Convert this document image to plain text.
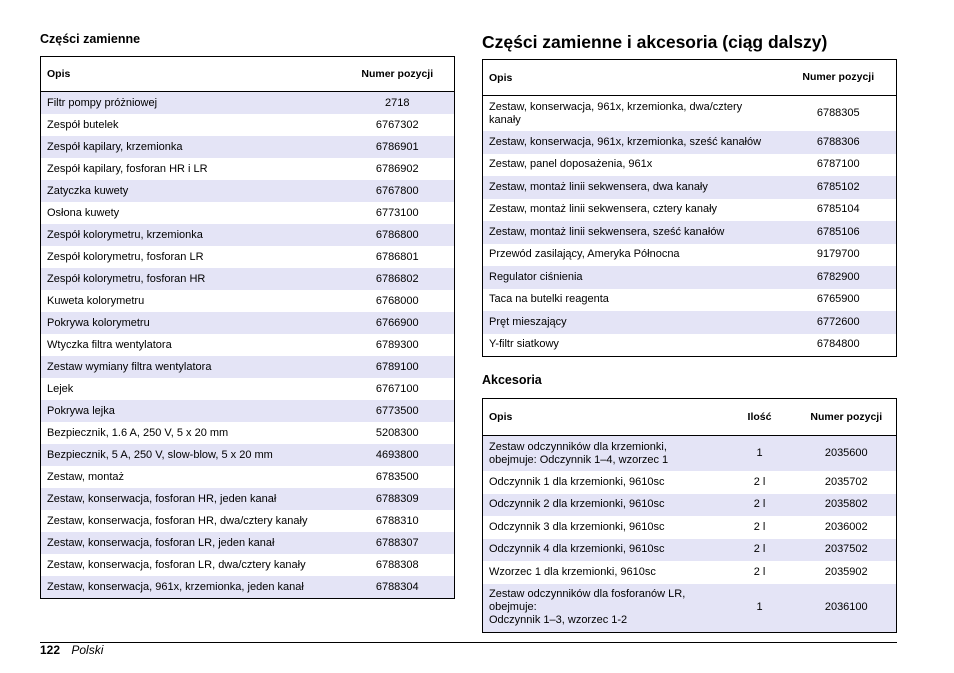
Części zamienne
Opis	Numer pozycji
Filtr pompy próżniowej	2718
Zespół butelek	6767302
Zespół kapilary, krzemionka	6786901
Zespół kapilary, fosforan HR i LR	6786902
Zatyczka kuwety	6767800
Osłona kuwety	6773100
Zespół kolorymetru, krzemionka	6786800
Zespół kolorymetru, fosforan LR	6786801
Zespół kolorymetru, fosforan HR	6786802
Kuweta kolorymetru	6768000
Pokrywa kolorymetru	6766900
Wtyczka filtra wentylatora	6789300
Zestaw wymiany filtra wentylatora	6789100
Lejek	6767100
Pokrywa lejka	6773500
Bezpiecznik, 1.6 A, 250 V, 5 x 20 mm	5208300
Bezpiecznik, 5 A, 250 V, slow-blow, 5 x 20 mm	4693800
Zestaw, montaż	6783500
Zestaw, konserwacja, fosforan HR, jeden kanał	6788309
Zestaw, konserwacja, fosforan HR, dwa/cztery kanały	6788310
Zestaw, konserwacja, fosforan LR, jeden kanał	6788307
Zestaw, konserwacja, fosforan LR, dwa/cztery kanały	6788308
Zestaw, konserwacja, 961x, krzemionka, jeden kanał	6788304
Części zamienne i akcesoria (ciąg dalszy)
Opis	Numer pozycji
Zestaw, konserwacja, 961x, krzemionka, dwa/cztery kanały	6788305
Zestaw, konserwacja, 961x, krzemionka, sześć kanałów	6788306
Zestaw, panel doposażenia, 961x	6787100
Zestaw, montaż linii sekwensera, dwa kanały	6785102
Zestaw, montaż linii sekwensera, cztery kanały	6785104
Zestaw, montaż linii sekwensera, sześć kanałów	6785106
Przewód zasilający, Ameryka Północna	9179700
Regulator ciśnienia	6782900
Taca na butelki reagenta	6765900
Pręt mieszający	6772600
Y-filtr siatkowy	6784800
Akcesoria
Opis	Ilość	Numer pozycji
Zestaw odczynników dla krzemionki, obejmuje: Odczynnik 1–4, wzorzec 1	1	2035600
Odczynnik 1 dla krzemionki, 9610sc	2 l	2035702
Odczynnik 2 dla krzemionki, 9610sc	2 l	2035802
Odczynnik 3 dla krzemionki, 9610sc	2 l	2036002
Odczynnik 4 dla krzemionki, 9610sc	2 l	2037502
Wzorzec 1 dla krzemionki, 9610sc	2 l	2035902
Zestaw odczynników dla fosforanów LR, obejmuje:
Odczynnik 1–3, wzorzec 1-2	1	2036100
122 Polski
